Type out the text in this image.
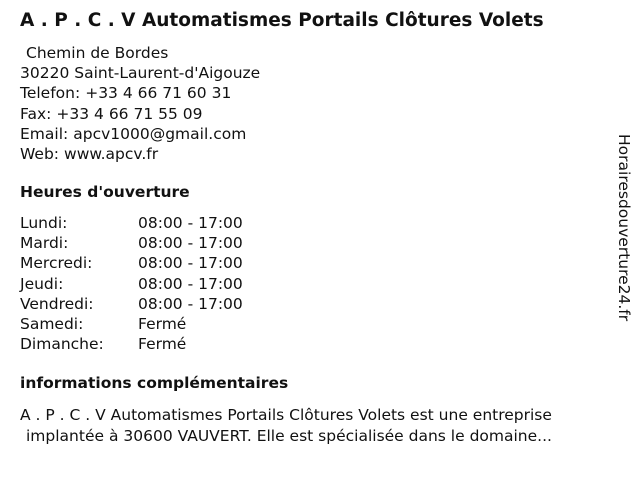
A . P . C . V Automatismes Portails Clôtures Volets
Chemin de Bordes
30220 Saint-Laurent-d'Aigouze
Telefon: +33 4 66 71 60 31
Fax: +33 4 66 71 55 09
Email: apcv1000@gmail.com
Web: www.apcv.fr
Heures d'ouverture
Lundi:	08:00 - 17:00
Mardi:	08:00 - 17:00
Mercredi:	08:00 - 17:00
Jeudi:	08:00 - 17:00
Vendredi:	08:00 - 17:00
Samedi:	Fermé
Dimanche: Fermé
informations complémentaires
A . P . C . V Automatismes Portails Clôtures Volets est une entreprise
implantée à 30600 VAUVERT. Elle est spécialisée dans le domaine...
Horairesdouverture24.fr
